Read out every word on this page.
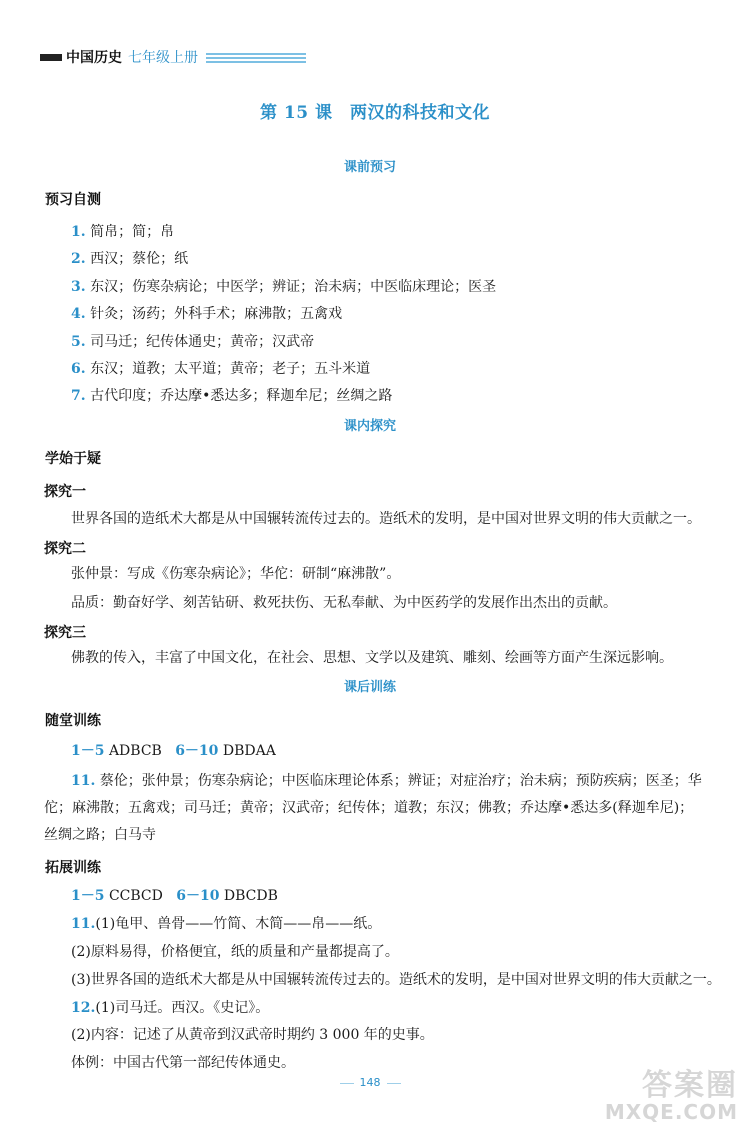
中国历史 七年级上册
第 15 课　两汉的科技和文化
课前预习
预习自测
1. 简帛；简；帛
2. 西汉；蔡伦；纸
3. 东汉；伤寒杂病论；中医学；辨证；治未病；中医临床理论；医圣
4. 针灸；汤药；外科手术；麻沸散；五禽戏
5. 司马迁；纪传体通史；黄帝；汉武帝
6. 东汉；道教；太平道；黄帝；老子；五斗米道
7. 古代印度；乔达摩•悉达多；释迦牟尼；丝绸之路
课内探究
学始于疑
探究一
世界各国的造纸术大都是从中国辗转流传过去的。造纸术的发明，是中国对世界文明的伟大贡献之一。
探究二
张仲景：写成《伤寒杂病论》；华佗：研制“麻沸散”。
品质：勤奋好学、刻苦钻研、救死扶伤、无私奉献、为中医药学的发展作出杰出的贡献。
探究三
佛教的传入，丰富了中国文化，在社会、思想、文学以及建筑、雕刻、绘画等方面产生深远影响。
课后训练
随堂训练
1－5 ADBCB 6－10 DBDAA
11. 蔡伦；张仲景；伤寒杂病论；中医临床理论体系；辨证；对症治疗；治未病；预防疾病；医圣；华
佗；麻沸散；五禽戏；司马迁；黄帝；汉武帝；纪传体；道教；东汉；佛教；乔达摩•悉达多(释迦牟尼)；
丝绸之路；白马寺
拓展训练
1－5 CCBCD 6－10 DBCDB
11.(1)龟甲、兽骨——竹简、木简——帛——纸。
(2)原料易得，价格便宜，纸的质量和产量都提高了。
(3)世界各国的造纸术大都是从中国辗转流传过去的。造纸术的发明，是中国对世界文明的伟大贡献之一。
12.(1)司马迁。西汉。《史记》。
(2)内容：记述了从黄帝到汉武帝时期约 3 000 年的史事。
体例：中国古代第一部纪传体通史。
148	答案圈
MXQE.COM
